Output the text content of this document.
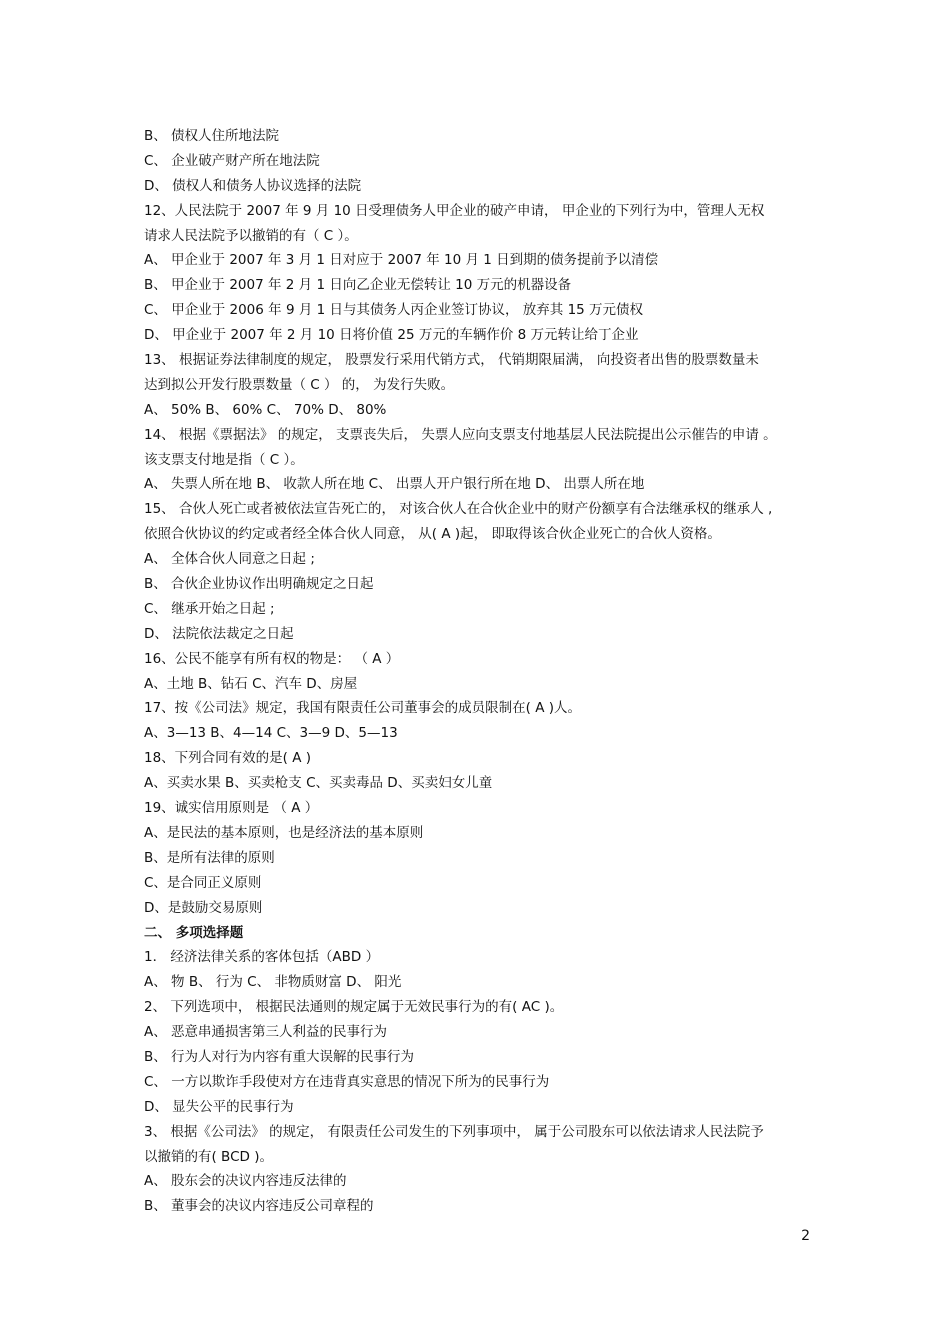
B、 债权人住所地法院
C、 企业破产财产所在地法院
D、 债权人和债务人协议选择的法院
12、人民法院于 2007 年 9 月 10 日受理债务人甲企业的破产申请， 甲企业的下列行为中，管理人无权
请求人民法院予以撤销的有（ C ）。
A、 甲企业于 2007 年 3 月 1 日对应于 2007 年 10 月 1 日到期的债务提前予以清偿
B、 甲企业于 2007 年 2 月 1 日向乙企业无偿转让 10 万元的机器设备
C、 甲企业于 2006 年 9 月 1 日与其债务人丙企业签订协议， 放弃其 15 万元债权
D、 甲企业于 2007 年 2 月 10 日将价值 25 万元的车辆作价 8 万元转让给丁企业
13、 根据证券法律制度的规定， 股票发行采用代销方式， 代销期限届满， 向投资者出售的股票数量未
达到拟公开发行股票数量（ C ） 的， 为发行失败。
A、 50% B、 60% C、 70% D、 80%
14、 根据《票据法》 的规定， 支票丧失后， 失票人应向支票支付地基层人民法院提出公示催告的申请 。
该支票支付地是指（ C ）。
A、 失票人所在地 B、 收款人所在地 C、 出票人开户银行所在地 D、 出票人所在地
15、 合伙人死亡或者被依法宣告死亡的， 对该合伙人在合伙企业中的财产份额享有合法继承权的继承人 ,
依照合伙协议的约定或者经全体合伙人同意， 从( A )起， 即取得该合伙企业死亡的合伙人资格。
A、 全体合伙人同意之日起 ;
B、 合伙企业协议作出明确规定之日起
C、 继承开始之日起 ;
D、 法院依法裁定之日起
16、公民不能享有所有权的物是： （ A ）
A、土地 B、钻石 C、汽车 D、房屋
17、按《公司法》规定，我国有限责任公司董事会的成员限制在( A )人。
A、3—13 B、4—14 C、3—9 D、5—13
18、下列合同有效的是( A )
A、买卖水果 B、买卖枪支 C、买卖毒品 D、买卖妇女儿童
19、诚实信用原则是 （ A ）
A、是民法的基本原则，也是经济法的基本原则
B、是所有法律的原则
C、是合同正义原则
D、是鼓励交易原则
二、 多项选择题
1． 经济法律关系的客体包括（ABD ）
A、 物 B、 行为 C、 非物质财富 D、 阳光
2、 下列选项中， 根据民法通则的规定属于无效民事行为的有( AC )。
A、 恶意串通损害第三人利益的民事行为
B、 行为人对行为内容有重大误解的民事行为
C、 一方以欺诈手段使对方在违背真实意思的情况下所为的民事行为
D、 显失公平的民事行为
3、 根据《公司法》 的规定， 有限责任公司发生的下列事项中， 属于公司股东可以依法请求人民法院予
以撤销的有( BCD )。
A、 股东会的决议内容违反法律的
B、 董事会的决议内容违反公司章程的
2
